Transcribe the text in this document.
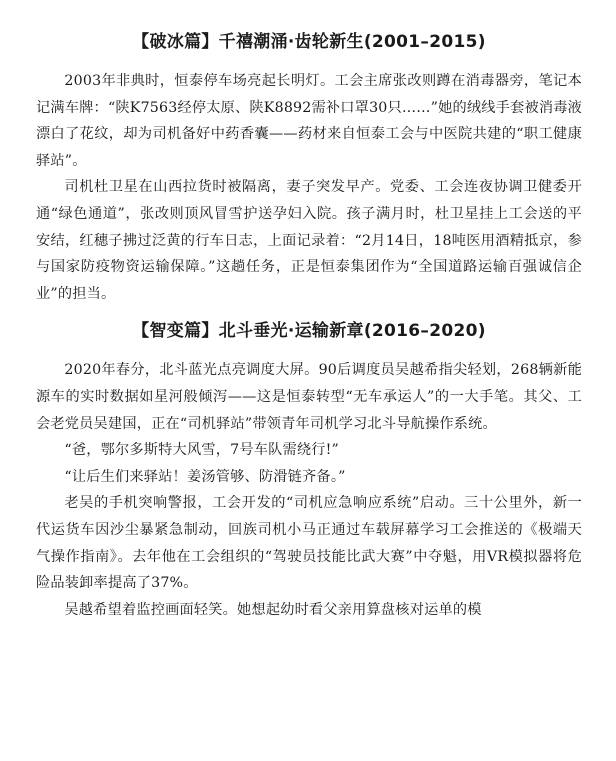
【破冰篇】千禧潮涌·齿轮新生(2001–2015)

2003年非典时，恒泰停车场亮起长明灯。工会主席张改则蹲在消毒器旁，笔记本记满车牌：“陕K7563经停太原、陕K8892需补口罩30只……”她的绒线手套被消毒液漂白了花纹，却为司机备好中药香囊——药材来自恒泰工会与中医院共建的“职工健康驿站”。

司机杜卫星在山西拉货时被隔离，妻子突发早产。党委、工会连夜协调卫健委开通“绿色通道”，张改则顶风冒雪护送孕妇入院。孩子满月时，杜卫星挂上工会送的平安结，红穗子拂过泛黄的行车日志，上面记录着：“2月14日，18吨医用酒精抵京，参与国家防疫物资运输保障。”这趟任务，正是恒泰集团作为“全国道路运输百强诚信企业”的担当。

【智变篇】北斗垂光·运输新章(2016–2020)

2020年春分，北斗蓝光点亮调度大屏。90后调度员吴越希指尖轻划，268辆新能源车的实时数据如星河般倾泻——这是恒泰转型“无车承运人”的一大手笔。其父、工会老党员吴建国，正在“司机驿站”带领青年司机学习北斗导航操作系统。

“爸，鄂尔多斯特大风雪，7号车队需绕行!”

“让后生们来驿站！姜汤管够、防滑链齐备。”

老吴的手机突响警报，工会开发的“司机应急响应系统”启动。三十公里外，新一代运货车因沙尘暴紧急制动，回族司机小马正通过车载屏幕学习工会推送的《极端天气操作指南》。去年他在工会组织的“驾驶员技能比武大赛”中夺魁，用VR模拟器将危险品装卸率提高了37%。

吴越希望着监控画面轻笑。她想起幼时看父亲用算盘核对运单的模
